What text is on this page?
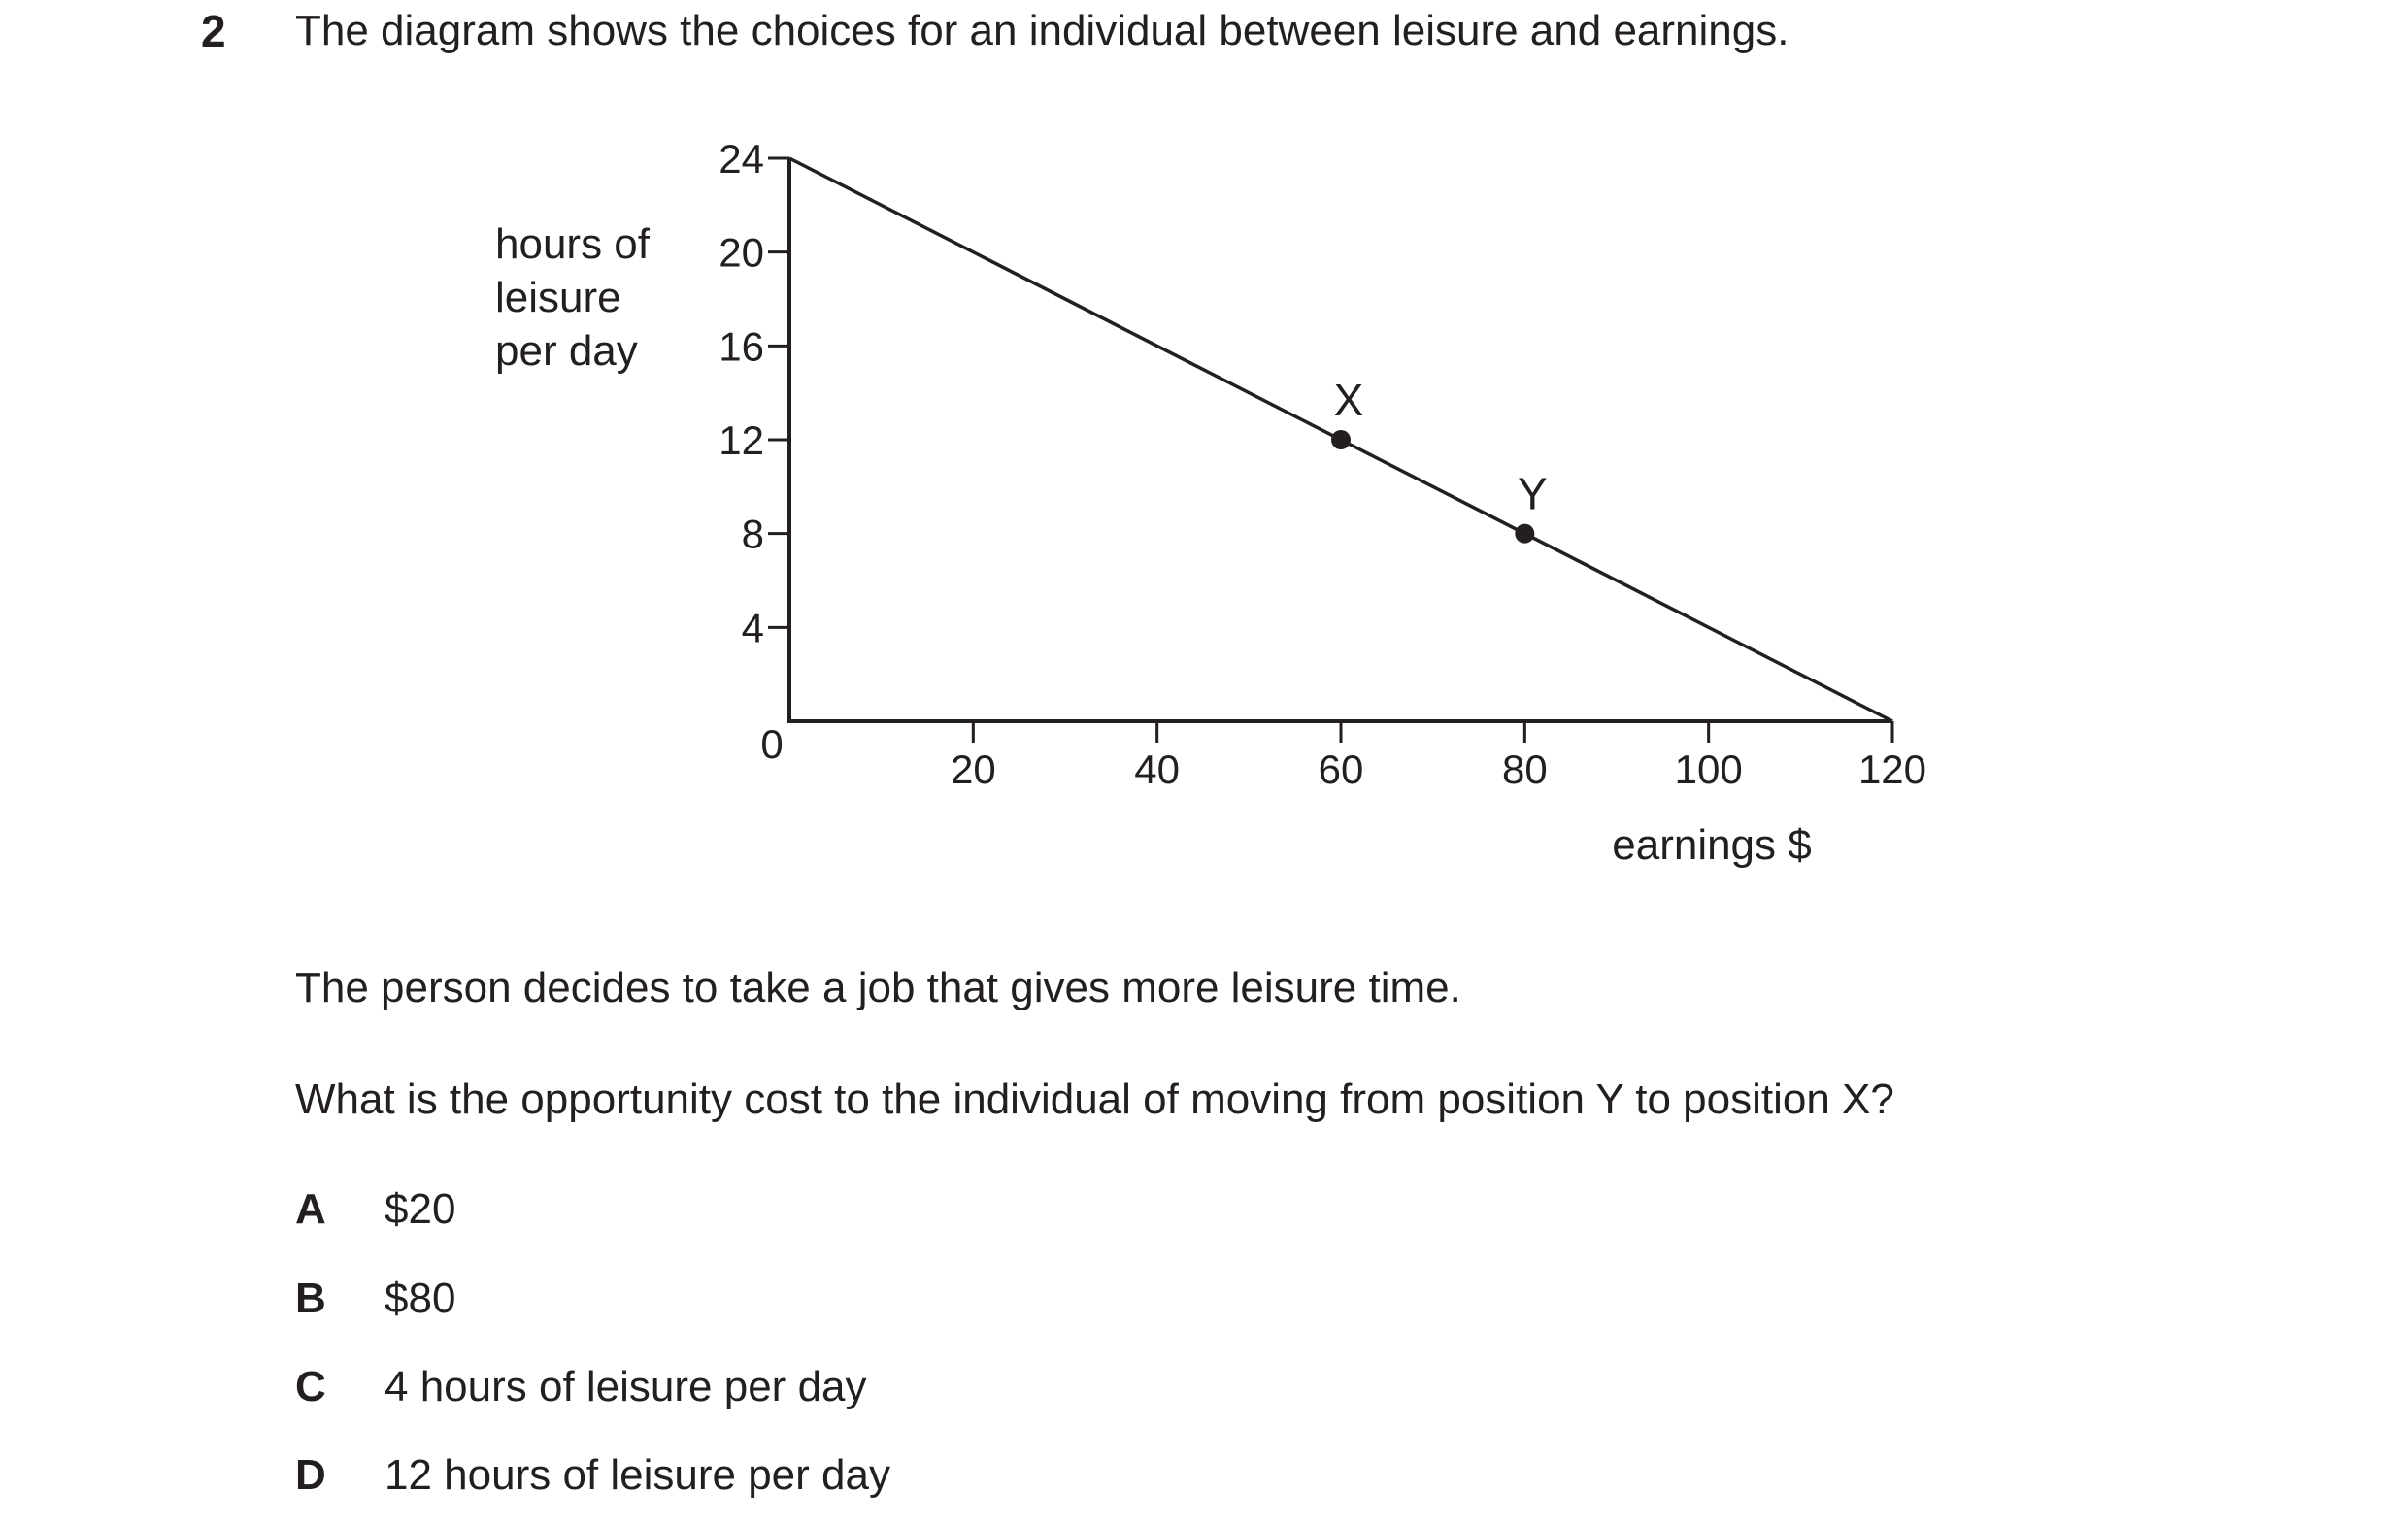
2 The diagram shows the choices for an individual between leisure and earnings.
4
8
12
16
20
24
20	40	60	80	100	120
0
earnings $
hours of
leisure
per day
X
Y
The person decides to take a job that gives more leisure time.
What is the opportunity cost to the individual of moving from position Y to position X?
A $20
B $80
C 4 hours of leisure per day
D 12 hours of leisure per day
